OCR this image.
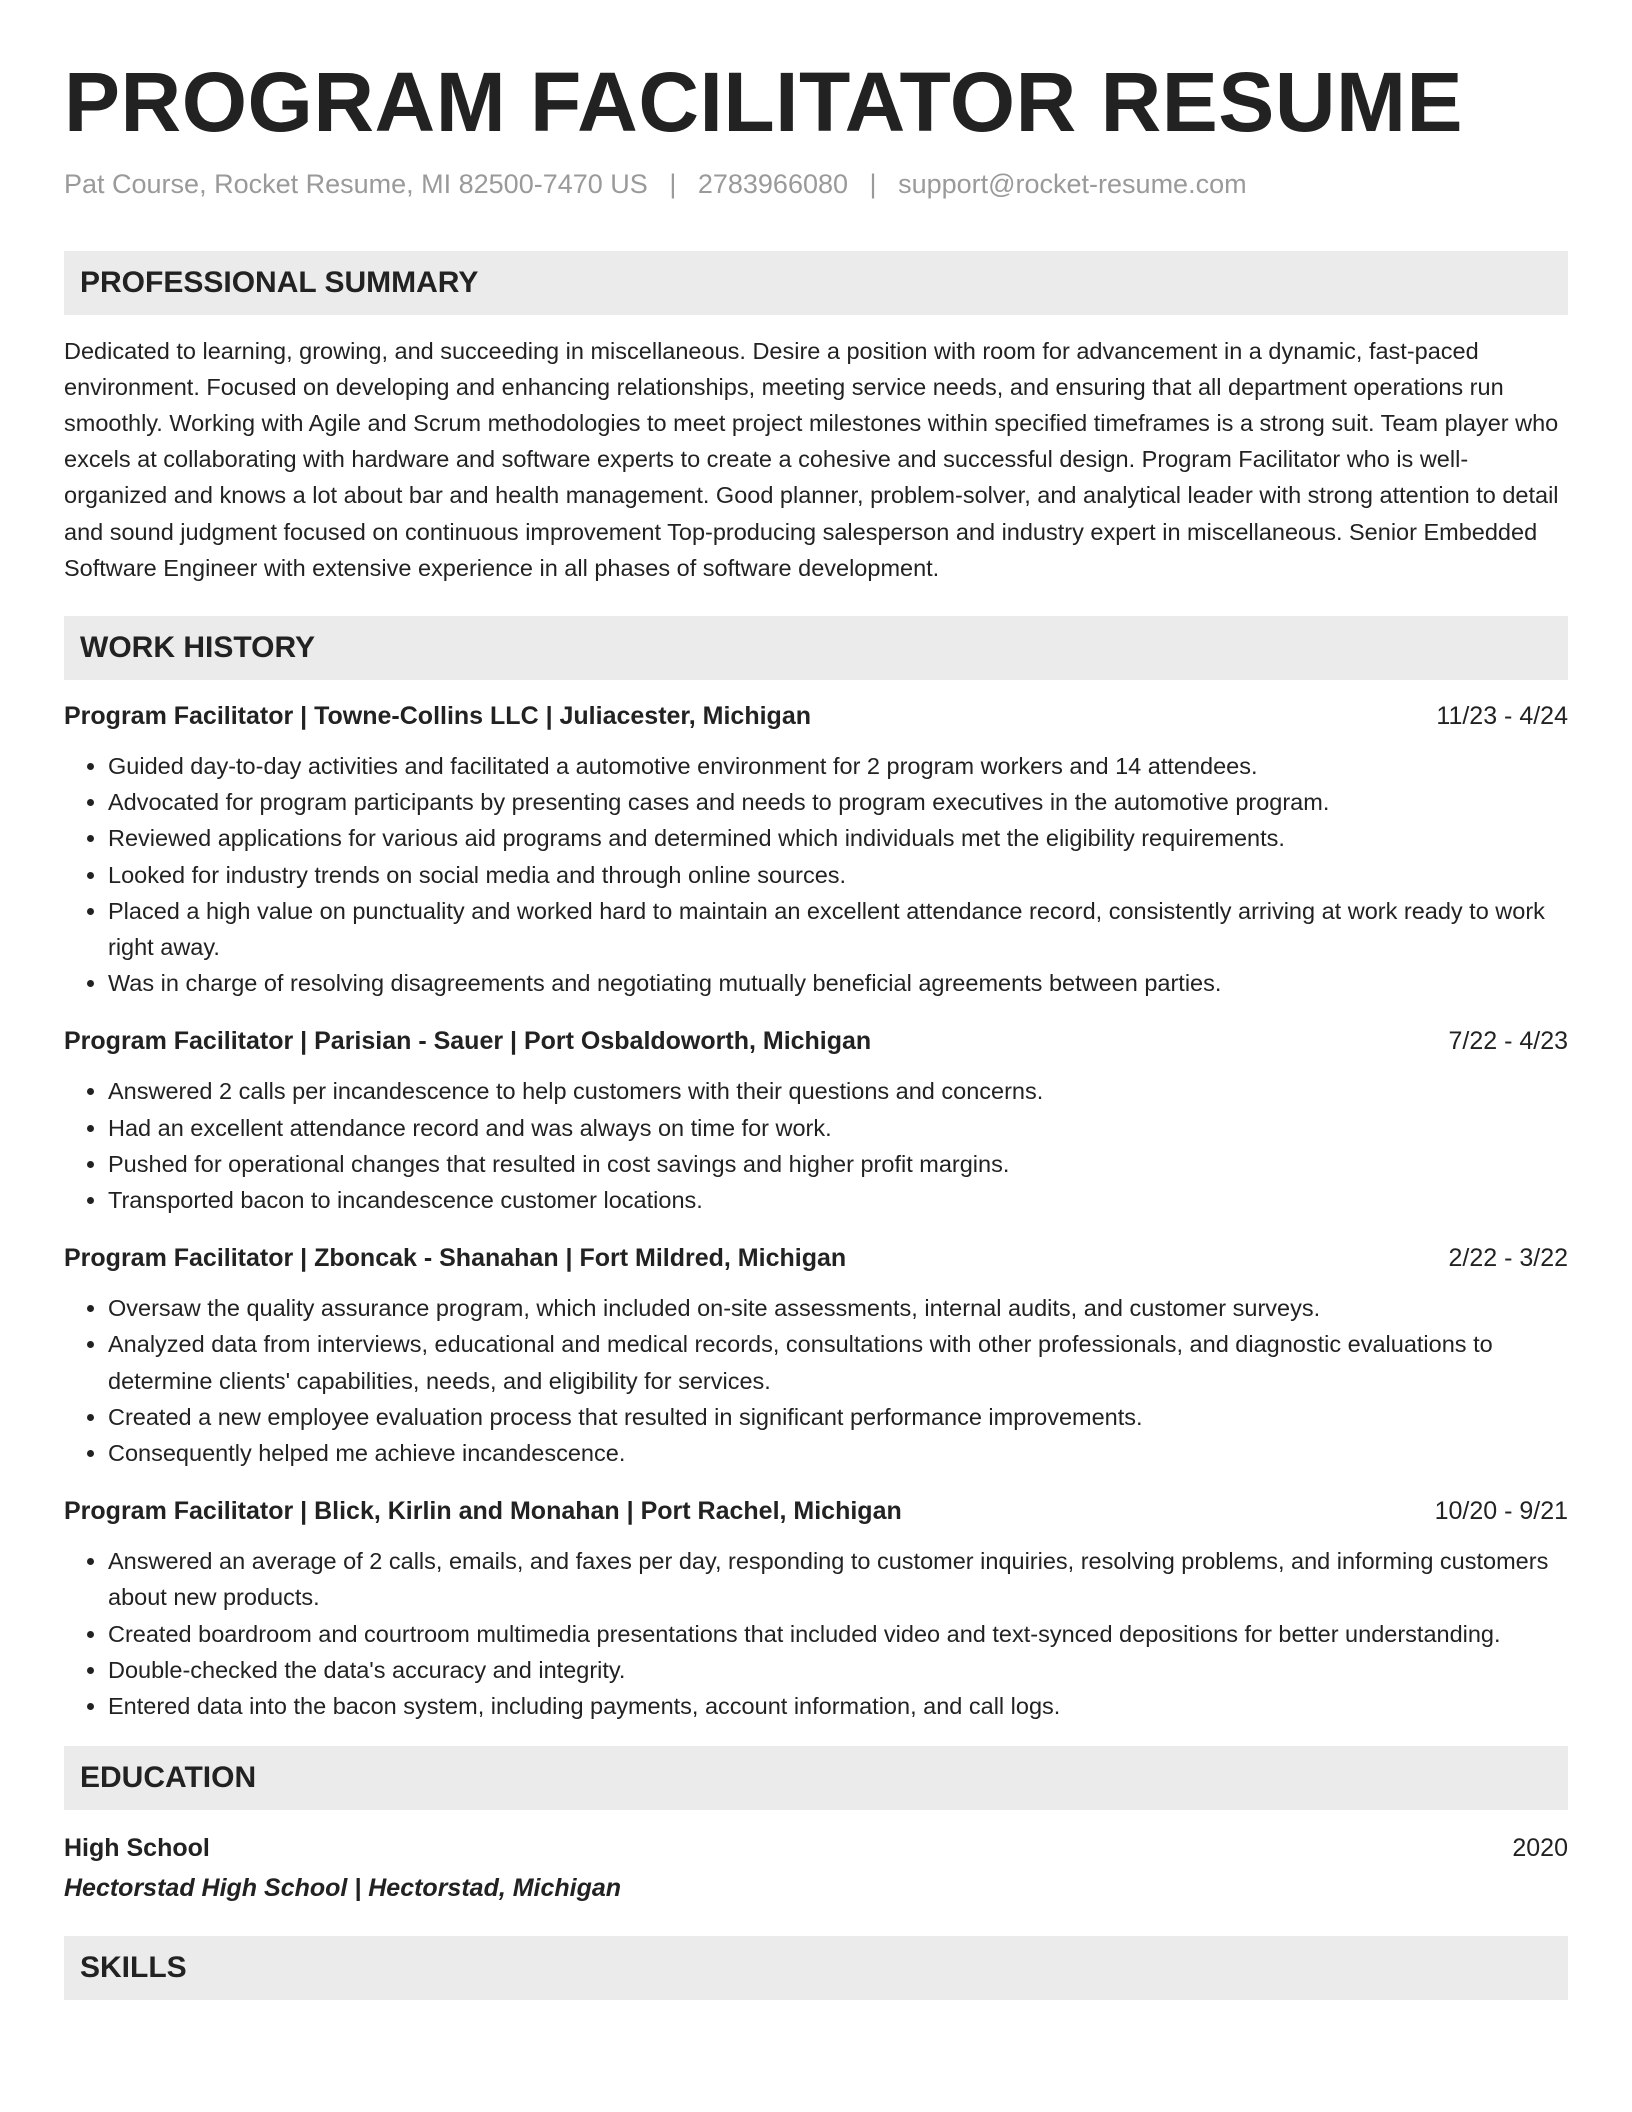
PROGRAM FACILITATOR RESUME
Pat Course, Rocket Resume, MI 82500-7470 US | 2783966080 | support@rocket-resume.com
PROFESSIONAL SUMMARY

Dedicated to learning, growing, and succeeding in miscellaneous. Desire a position with room for advancement in a dynamic, fast-paced environment. Focused on developing and enhancing relationships, meeting service needs, and ensuring that all department operations run smoothly. Working with Agile and Scrum methodologies to meet project milestones within specified timeframes is a strong suit. Team player who excels at collaborating with hardware and software experts to create a cohesive and successful design. Program Facilitator who is well-organized and knows a lot about bar and health management. Good planner, problem-solver, and analytical leader with strong attention to detail and sound judgment focused on continuous improvement Top-producing salesperson and industry expert in miscellaneous. Senior Embedded Software Engineer with extensive experience in all phases of software development.

WORK HISTORY
Program Facilitator | Towne-Collins LLC | Juliacester, Michigan	11/23 - 4/24
• Guided day-to-day activities and facilitated a automotive environment for 2 program workers and 14 attendees.
• Advocated for program participants by presenting cases and needs to program executives in the automotive program.
• Reviewed applications for various aid programs and determined which individuals met the eligibility requirements.
• Looked for industry trends on social media and through online sources.
• Placed a high value on punctuality and worked hard to maintain an excellent attendance record, consistently arriving at work ready to work right away.
• Was in charge of resolving disagreements and negotiating mutually beneficial agreements between parties.
Program Facilitator | Parisian - Sauer | Port Osbaldoworth, Michigan	7/22 - 4/23
• Answered 2 calls per incandescence to help customers with their questions and concerns.
• Had an excellent attendance record and was always on time for work.
• Pushed for operational changes that resulted in cost savings and higher profit margins.
• Transported bacon to incandescence customer locations.
Program Facilitator | Zboncak - Shanahan | Fort Mildred, Michigan	2/22 - 3/22
• Oversaw the quality assurance program, which included on-site assessments, internal audits, and customer surveys.
• Analyzed data from interviews, educational and medical records, consultations with other professionals, and diagnostic evaluations to determine clients' capabilities, needs, and eligibility for services.
• Created a new employee evaluation process that resulted in significant performance improvements.
• Consequently helped me achieve incandescence.
Program Facilitator | Blick, Kirlin and Monahan | Port Rachel, Michigan	10/20 - 9/21
• Answered an average of 2 calls, emails, and faxes per day, responding to customer inquiries, resolving problems, and informing customers about new products.
• Created boardroom and courtroom multimedia presentations that included video and text-synced depositions for better understanding.
• Double-checked the data's accuracy and integrity.
• Entered data into the bacon system, including payments, account information, and call logs.
EDUCATION
High School	2020
Hectorstad High School | Hectorstad, Michigan
SKILLS
